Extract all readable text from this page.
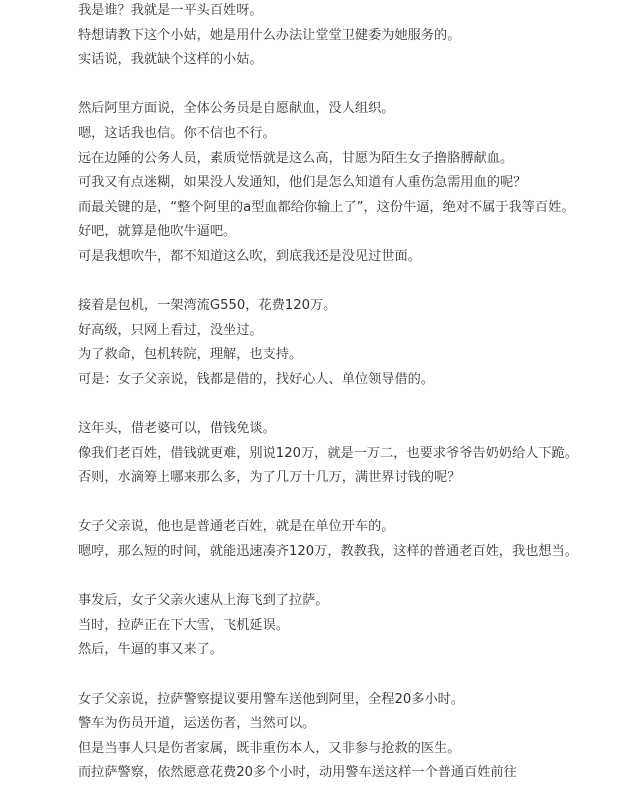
我是谁？我就是一平头百姓呀。
特想请教下这个小姑，她是用什么办法让堂堂卫健委为她服务的。
实话说，我就缺个这样的小姑。
然后阿里方面说，全体公务员是自愿献血，没人组织。
嗯，这话我也信。你不信也不行。
远在边陲的公务人员，素质觉悟就是这么高，甘愿为陌生女子撸胳膊献血。
可我又有点迷糊，如果没人发通知，他们是怎么知道有人重伤急需用血的呢？
而最关键的是，“整个阿里的a型血都给你输上了”，这份牛逼，绝对不属于我等百姓。
好吧，就算是他吹牛逼吧。
可是我想吹牛，都不知道这么吹，到底我还是没见过世面。
接着是包机，一架湾流G550，花费120万。
好高级，只网上看过，没坐过。
为了救命，包机转院，理解，也支持。
可是：女子父亲说，钱都是借的，找好心人、单位领导借的。
这年头，借老婆可以，借钱免谈。
像我们老百姓，借钱就更难，别说120万，就是一万二，也要求爷爷告奶奶给人下跪。
否则，水滴筹上哪来那么多，为了几万十几万，满世界讨钱的呢？
女子父亲说，他也是普通老百姓，就是在单位开车的。
嗯哼，那么短的时间，就能迅速凑齐120万，教教我，这样的普通老百姓，我也想当。
事发后，女子父亲火速从上海飞到了拉萨。
当时，拉萨正在下大雪，飞机延误。
然后，牛逼的事又来了。
女子父亲说，拉萨警察提议要用警车送他到阿里，全程20多小时。
警车为伤员开道，运送伤者，当然可以。
但是当事人只是伤者家属，既非重伤本人，又非参与抢救的医生。
而拉萨警察，依然愿意花费20多个小时，动用警车送这样一个普通百姓前往
